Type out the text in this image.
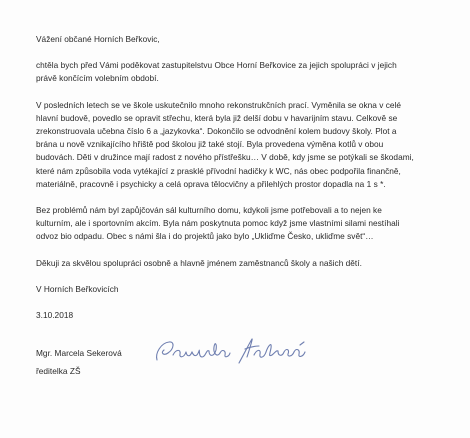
Vážení občané Horních Beřkovic,

chtěla bych před Vámi poděkovat zastupitelstvu Obce Horní Beřkovice za jejich spolupráci v jejich
právě končícím volebním období.

V posledních letech se ve škole uskutečnilo mnoho rekonstrukčních prací. Vyměnila se okna v celé
hlavní budově, povedlo se opravit střechu, která byla již delší dobu v havarijním stavu. Celkově se
zrekonstruovala učebna číslo 6 a „jazykovka“. Dokončilo se odvodnění kolem budovy školy. Plot a
brána u nově vznikajícího hřiště pod školou již také stojí. Byla provedena výměna kotlů v obou
budovách. Děti v družince mají radost z nového přístřešku… V době, kdy jsme se potýkali se škodami,
které nám způsobila voda vytékající z prasklé přívodní hadičky k WC, nás obec podpořila finančně,
materiálně, pracovně i psychicky a celá oprava tělocvičny a přilehlých prostor dopadla na 1 s *.

Bez problémů nám byl zapůjčován sál kulturního domu, kdykoli jsme potřebovali a to nejen ke
kulturním, ale i sportovním akcím. Byla nám poskytnuta pomoc když jsme vlastními silami nestíhali
odvoz bio odpadu. Obec s námi šla i do projektů jako bylo „Ukliďme Česko, ukliďme svět“…

Děkuji za skvělou spolupráci osobně a hlavně jménem zaměstnanců školy a našich dětí.

V Horních Beřkovicích

3.10.2018

Mgr. Marcela Sekerová

ředitelka ZŠ
